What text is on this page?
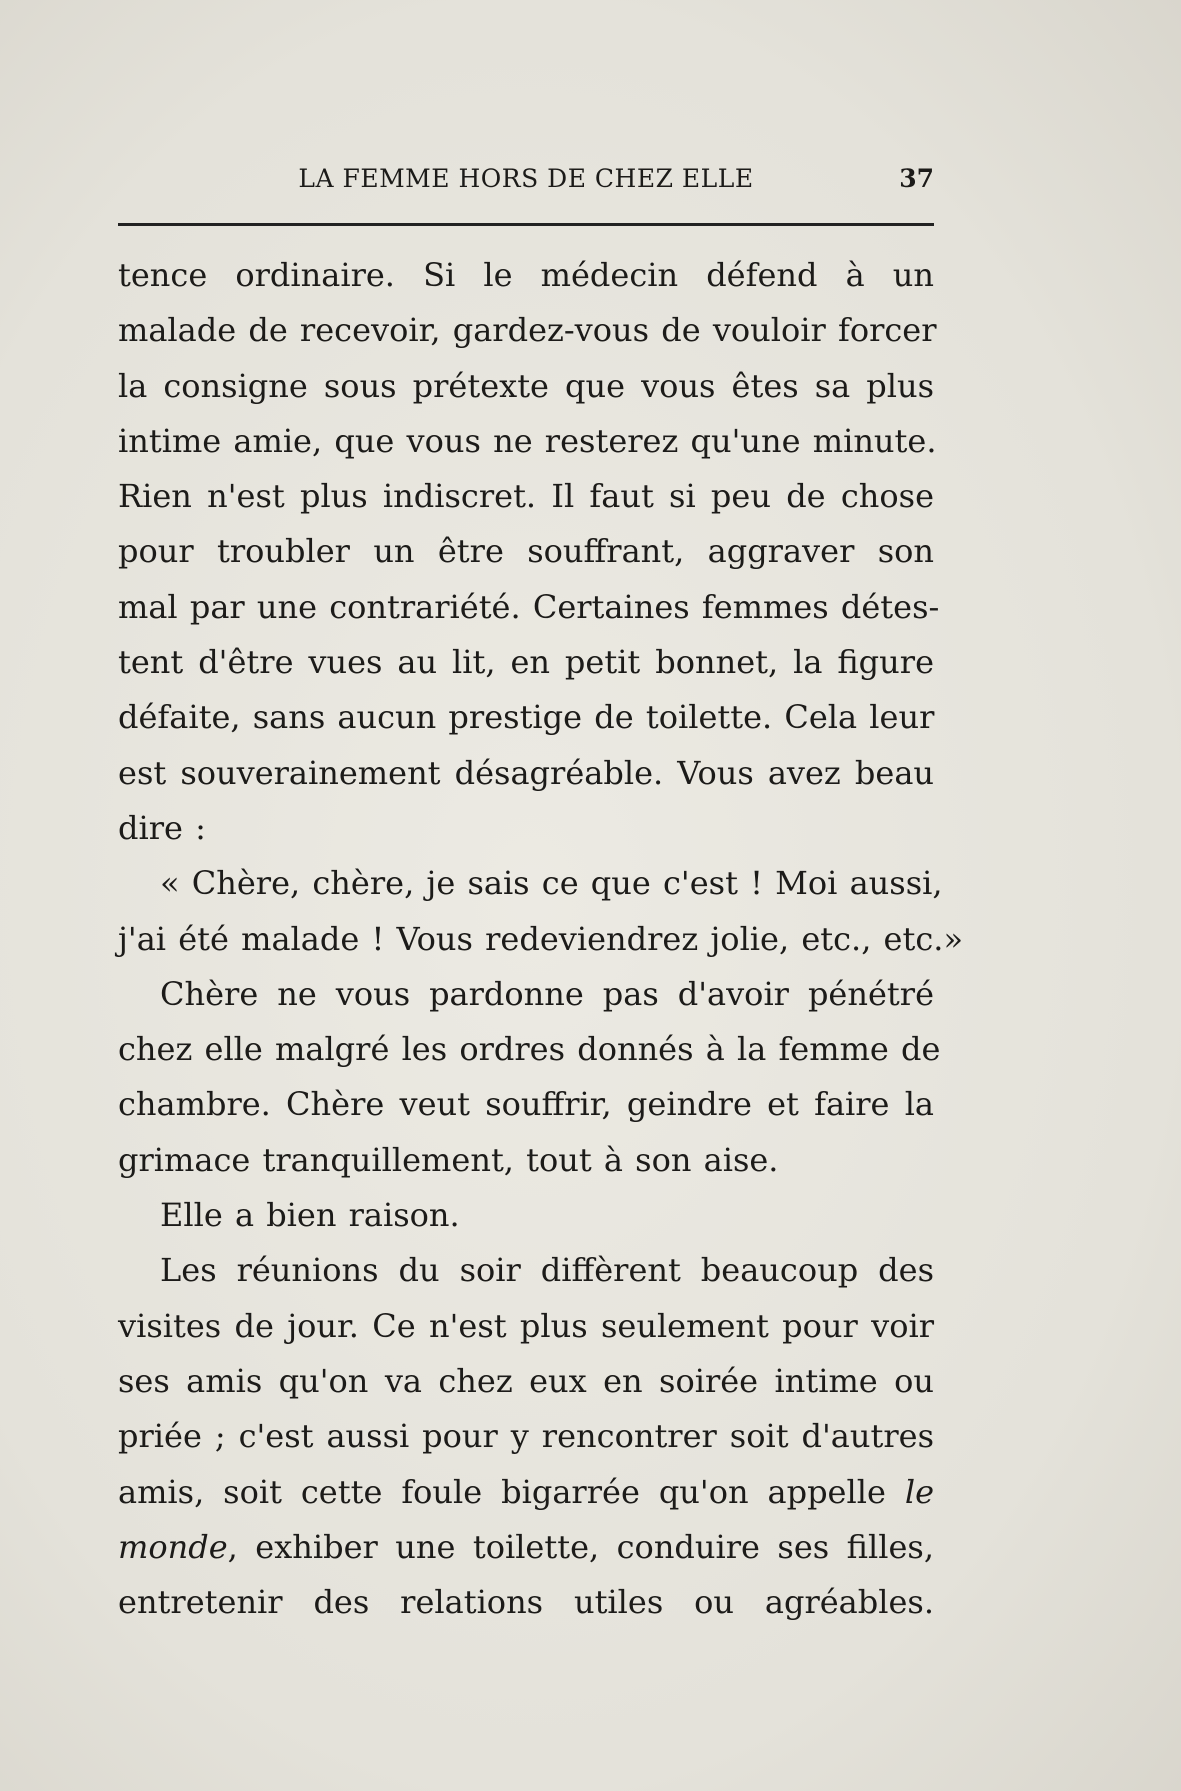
LA FEMME HORS DE CHEZ ELLE	37
tence ordinaire. Si le médecin défend à un
malade de recevoir, gardez-vous de vouloir forcer
la consigne sous prétexte que vous êtes sa plus
intime amie, que vous ne resterez qu'une minute.
Rien n'est plus indiscret. Il faut si peu de chose
pour troubler un être souffrant, aggraver son
mal par une contrariété. Certaines femmes détes-
tent d'être vues au lit, en petit bonnet, la figure
défaite, sans aucun prestige de toilette. Cela leur
est souverainement désagréable. Vous avez beau
dire :
« Chère, chère, je sais ce que c'est ! Moi aussi,
j'ai été malade ! Vous redeviendrez jolie, etc., etc.»
Chère ne vous pardonne pas d'avoir pénétré
chez elle malgré les ordres donnés à la femme de
chambre. Chère veut souffrir, geindre et faire la
grimace tranquillement, tout à son aise.
Elle a bien raison.
Les réunions du soir diffèrent beaucoup des
visites de jour. Ce n'est plus seulement pour voir
ses amis qu'on va chez eux en soirée intime ou
priée ; c'est aussi pour y rencontrer soit d'autres
amis, soit cette foule bigarrée qu'on appelle le
monde, exhiber une toilette, conduire ses filles,
entretenir des relations utiles ou agréables.
